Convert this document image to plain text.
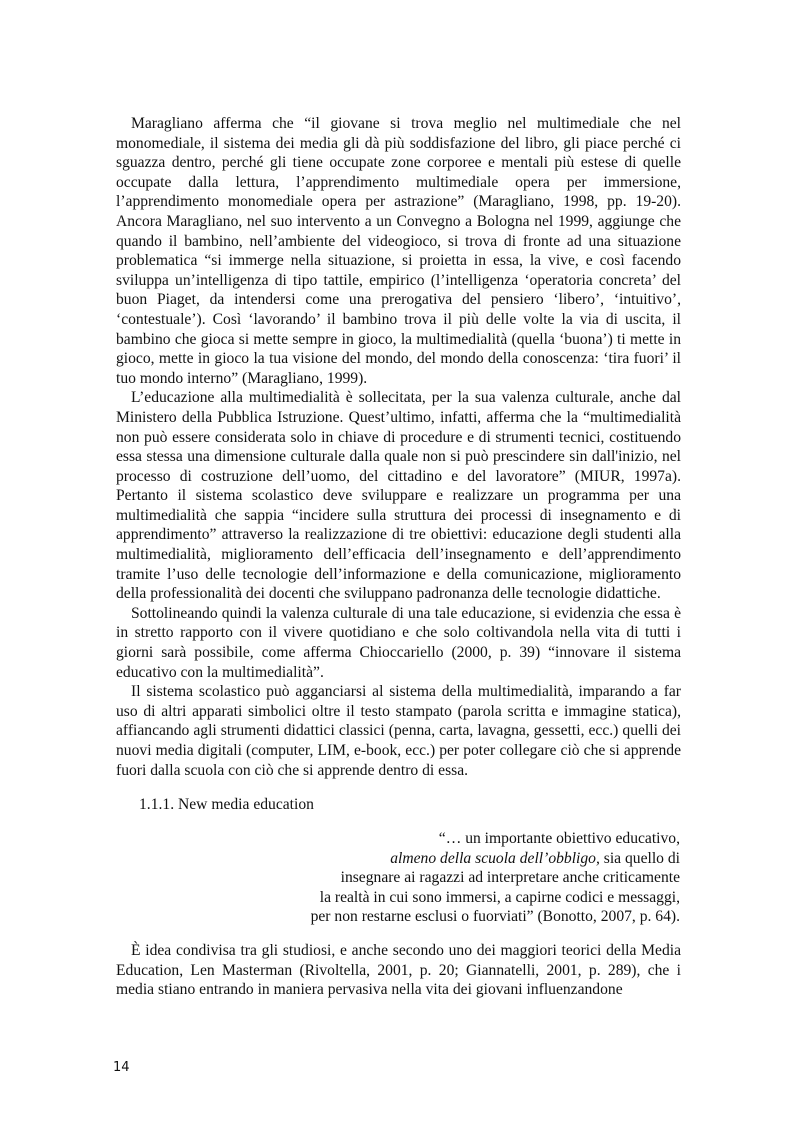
Maragliano afferma che “il giovane si trova meglio nel multimediale che nel monomediale, il sistema dei media gli dà più soddisfazione del libro, gli piace perché ci sguazza dentro, perché gli tiene occupate zone corporee e mentali più estese di quelle occupate dalla lettura, l’apprendimento multimediale opera per immersione, l’apprendimento monomediale opera per astrazione” (Maragliano, 1998, pp. 19-20). Ancora Maragliano, nel suo intervento a un Convegno a Bologna nel 1999, aggiunge che quando il bambino, nell’ambiente del videogioco, si trova di fronte ad una situazione problematica “si immerge nella situazione, si proietta in essa, la vive, e così facendo sviluppa un’intelligenza di tipo tattile, empirico (l’intelligenza ‘operatoria concreta’ del buon Piaget, da intendersi come una prerogativa del pensiero ‘libero’, ‘intuitivo’, ‘contestuale’). Così ‘lavorando’ il bambino trova il più delle volte la via di uscita, il bambino che gioca si mette sempre in gioco, la multimedialità (quella ‘buona’) ti mette in gioco, mette in gioco la tua visione del mondo, del mondo della conoscenza: ‘tira fuori’ il tuo mondo interno” (Maragliano, 1999).

L’educazione alla multimedialità è sollecitata, per la sua valenza culturale, anche dal Ministero della Pubblica Istruzione. Quest’ultimo, infatti, afferma che la “multimedialità non può essere considerata solo in chiave di procedure e di strumenti tecnici, costituendo essa stessa una dimensione culturale dalla quale non si può prescindere sin dall'inizio, nel processo di costruzione dell’uomo, del cittadino e del lavoratore” (MIUR, 1997a). Pertanto il sistema scolastico deve sviluppare e realizzare un programma per una multimedialità che sappia “incidere sulla struttura dei processi di insegnamento e di apprendimento” attraverso la realizzazione di tre obiettivi: educazione degli studenti alla multimedialità, miglioramento dell’efficacia dell’insegnamento e dell’apprendimento tramite l’uso delle tecnologie dell’informazione e della comunicazione, miglioramento della professionalità dei docenti che sviluppano padronanza delle tecnologie didattiche.

Sottolineando quindi la valenza culturale di una tale educazione, si evidenzia che essa è in stretto rapporto con il vivere quotidiano e che solo coltivandola nella vita di tutti i giorni sarà possibile, come afferma Chioccariello (2000, p. 39) “innovare il sistema educativo con la multimedialità”.

Il sistema scolastico può agganciarsi al sistema della multimedialità, imparando a far uso di altri apparati simbolici oltre il testo stampato (parola scritta e immagine statica), affiancando agli strumenti didattici classici (penna, carta, lavagna, gessetti, ecc.) quelli dei nuovi media digitali (computer, LIM, e-book, ecc.) per poter collegare ciò che si apprende fuori dalla scuola con ciò che si apprende dentro di essa.

1.1.1. New media education
“… un importante obiettivo educativo,
almeno della scuola dell’obbligo, sia quello di
insegnare ai ragazzi ad interpretare anche criticamente
la realtà in cui sono immersi, a capirne codici e messaggi,
per non restarne esclusi o fuorviati” (Bonotto, 2007, p. 64).

È idea condivisa tra gli studiosi, e anche secondo uno dei maggiori teorici della Media Education, Len Masterman (Rivoltella, 2001, p. 20; Giannatelli, 2001, p. 289), che i media stiano entrando in maniera pervasiva nella vita dei giovani influenzandone

14
